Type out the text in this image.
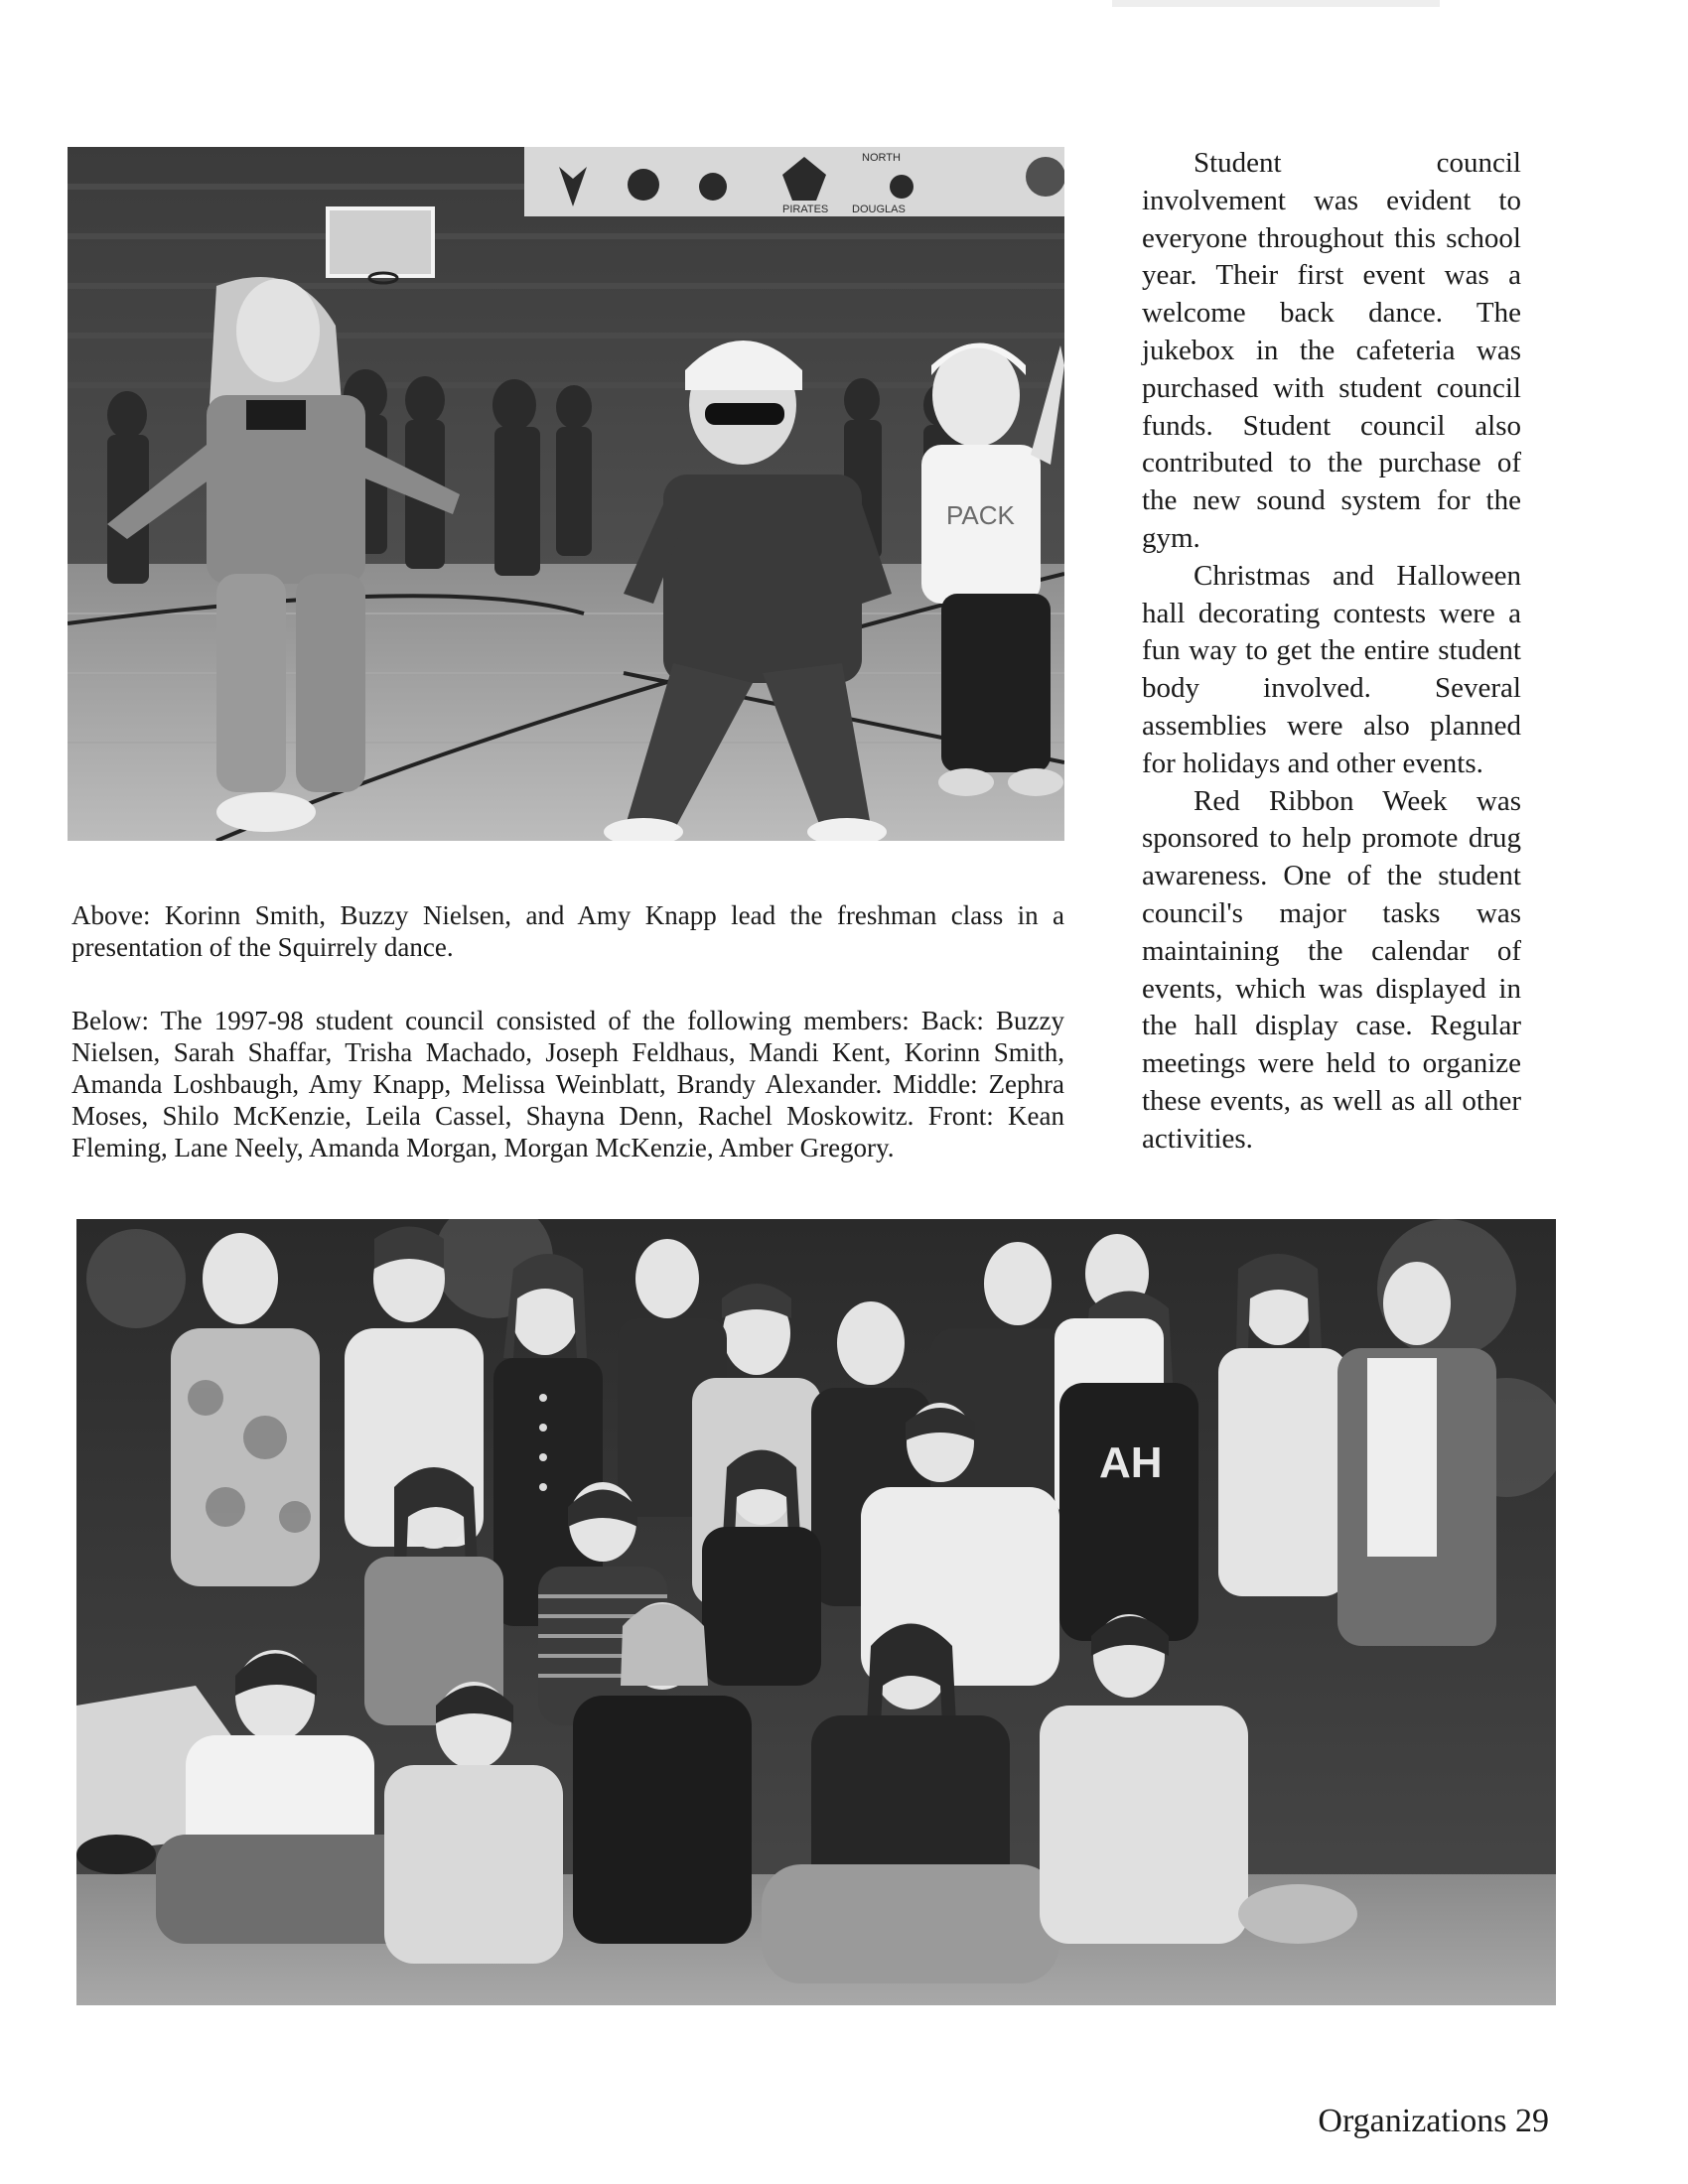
PIRATES DOUGLAS
NORTH
PACK

Above: Korinn Smith, Buzzy Nielsen, and Amy Knapp lead the freshman class in a presentation of the Squirrely dance.

Below: The 1997-98 student council consisted of the following members: Back: Buzzy Nielsen, Sarah Shaffar, Trisha Machado, Joseph Feldhaus, Mandi Kent, Korinn Smith, Amanda Loshbaugh, Amy Knapp, Melissa Weinblatt, Brandy Alexander. Middle: Zephra Moses, Shilo McKenzie, Leila Cassel, Shayna Denn, Rachel Moskowitz. Front: Kean Fleming, Lane Neely, Amanda Morgan, Morgan McKenzie, Amber Gregory.

Student council involvement was evident to everyone throughout this school year. Their first event was a welcome back dance. The jukebox in the cafeteria was purchased with student council funds. Student council also contributed to the purchase of the new sound system for the gym.

Christmas and Halloween hall decorating contests were a fun way to get the entire student body involved. Several assemblies were also planned for holidays and other events.

Red Ribbon Week was sponsored to help promote drug awareness. One of the student council's major tasks was maintaining the calendar of events, which was displayed in the hall display case. Regular meetings were held to organize these events, as well as all other activities.

AH
Organizations 29
